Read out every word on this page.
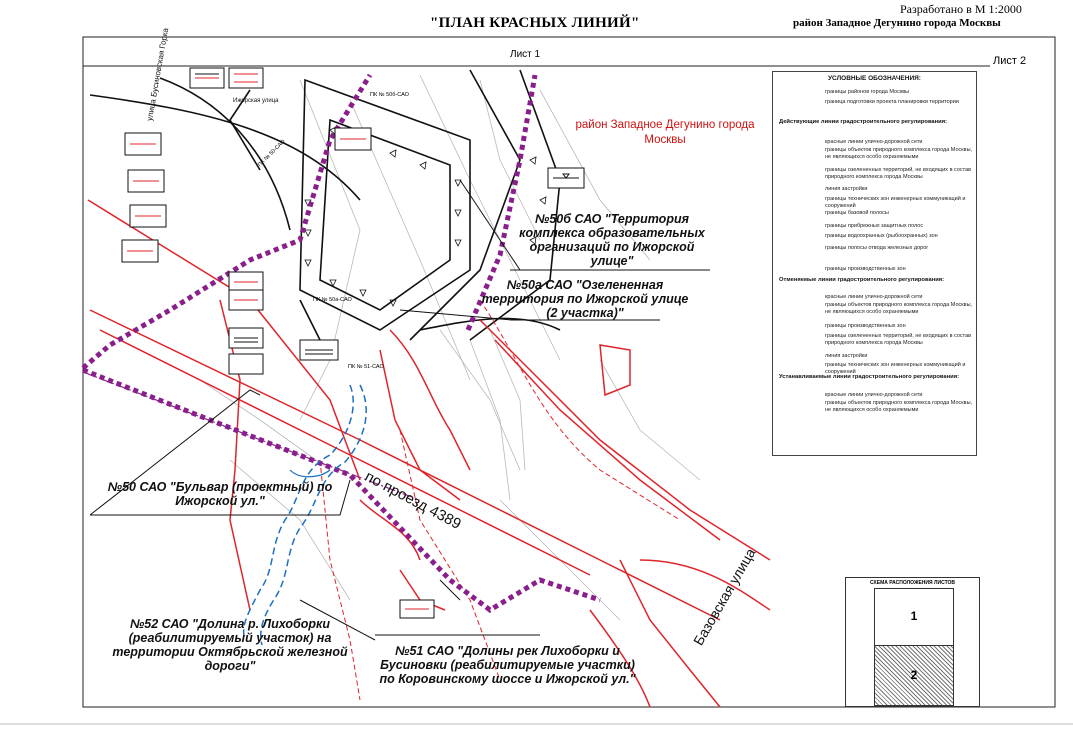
Разработано в М 1:2000
"ПЛАН КРАСНЫХ ЛИНИЙ"	район Западное Дегунино города Москвы
Лист 2
Лист 1
район Западное Дегунино города Москвы
по проезд 4389
Базовская улица
улица Бусиновская Горка	Ижорская улица
ПК № 50б-САО
ПК № 50-САО
ПК № 50а-САО
ПК № 51-САО
№50б САО "Территория комплекса образовательных организаций по Ижорской улице"
№50а САО "Озелененная территория по Ижорской улице (2 участка)"
№50 САО "Бульвар (проектный) по Ижорской ул."
№52 САО "Долина р. Лихоборки (реабилитируемый участок) на территории Октябрьской железной дороги"
№51 САО "Долины рек Лихоборки и Бусиновки (реабилитируемые участки) по Коровинскому шоссе и Ижорской ул."
УСЛОВНЫЕ ОБОЗНАЧЕНИЯ:
границы районов города Москвы
граница подготовки проекта планировки территории
Действующие линии градостроительного регулирования:
красные линии улично-дорожной сети
границы объектов природного комплекса города Москвы, не являющихся особо охраняемыми
границы озелененных территорий, не входящих в состав природного комплекса города Москвы
линия застройки
границы технических зон инженерных коммуникаций и сооружений
границы базовой полосы
границы прибрежных защитных полос
границы водоохранных (рыбоохранных) зон
границы полосы отвода железных дорог
границы производственных зон
Отменяемые линии градостроительного регулирования:
красные линии улично-дорожной сети
границы объектов природного комплекса города Москвы, не являющихся особо охраняемыми
границы производственных зон
границы озелененных территорий, не входящих в состав природного комплекса города Москвы
линия застройки
границы технических зон инженерных коммуникаций и сооружений
Устанавливаемые линии градостроительного регулирования:
красные линии улично-дорожной сети
границы объектов природного комплекса города Москвы, не являющихся особо охраняемыми
СХЕМА РАСПОЛОЖЕНИЯ ЛИСТОВ
1
2
